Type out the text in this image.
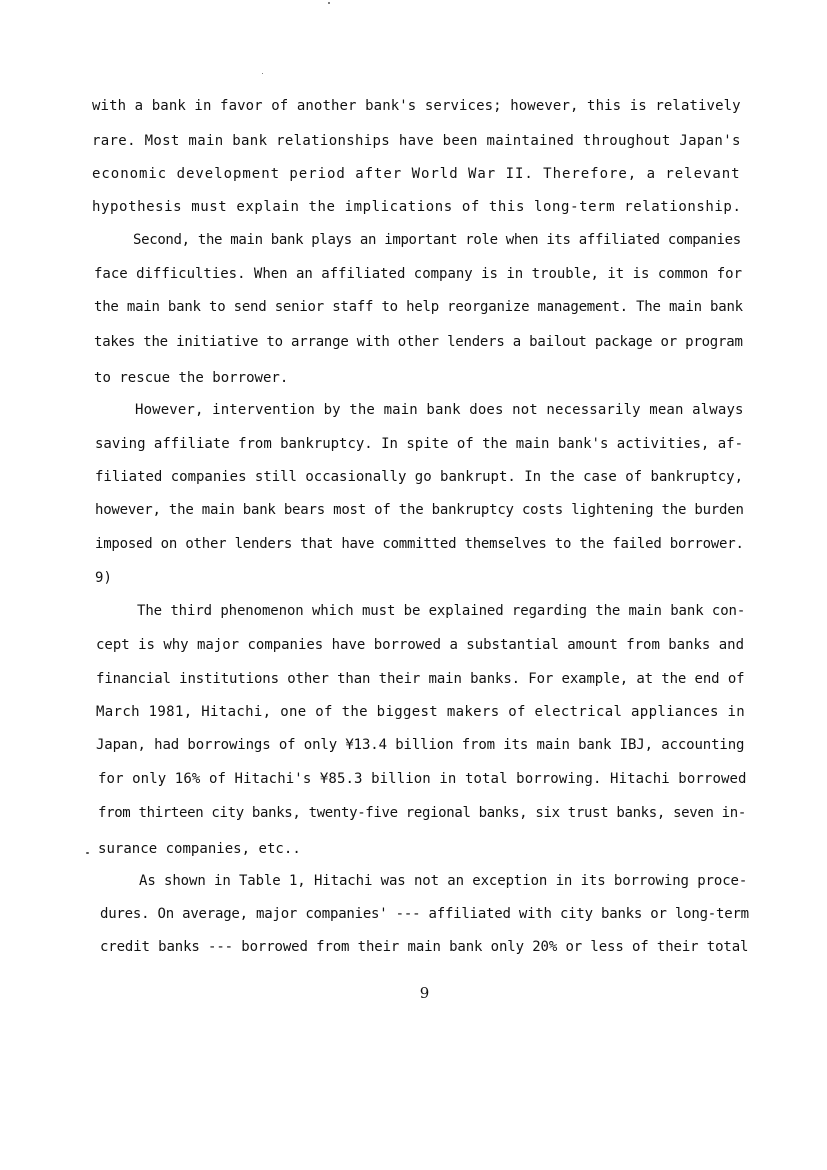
with a bank in favor of another bank's services; however, this is relatively
rare. Most main bank relationships have been maintained throughout Japan's
economic development period after World War II. Therefore, a relevant
hypothesis must explain the implications of this long-term relationship.
Second, the main bank plays an important role when its affiliated companies
face difficulties. When an affiliated company is in trouble, it is common for
the main bank to send senior staff to help reorganize management. The main bank
takes the initiative to arrange with other lenders a bailout package or program
to rescue the borrower.
However, intervention by the main bank does not necessarily mean always
saving affiliate from bankruptcy. In spite of the main bank's activities, af-
filiated companies still occasionally go bankrupt. In the case of bankruptcy,
however, the main bank bears most of the bankruptcy costs lightening the burden
imposed on other lenders that have committed themselves to the failed borrower.
9)
The third phenomenon which must be explained regarding the main bank con-
cept is why major companies have borrowed a substantial amount from banks and
financial institutions other than their main banks. For example, at the end of
March 1981, Hitachi, one of the biggest makers of electrical appliances in
Japan, had borrowings of only ¥13.4 billion from its main bank IBJ, accounting
for only 16% of Hitachi's ¥85.3 billion in total borrowing. Hitachi borrowed
from thirteen city banks, twenty-five regional banks, six trust banks, seven in-
surance companies, etc..
As shown in Table 1, Hitachi was not an exception in its borrowing proce-
dures. On average, major companies' --- affiliated with city banks or long-term
credit banks --- borrowed from their main bank only 20% or less of their total
9
